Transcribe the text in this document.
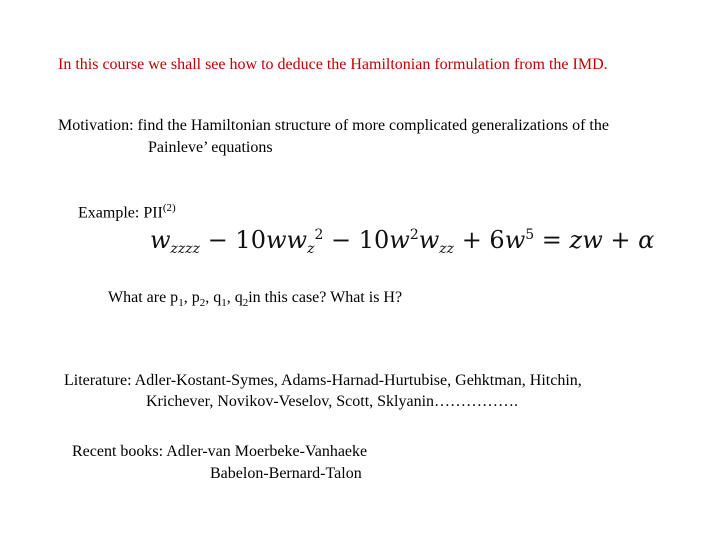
In this course we shall see how to deduce the Hamiltonian formulation from the IMD.
Motivation: find the Hamiltonian structure of more complicated generalizations of the
Painleve’ equations
Example: PII$^{(2)}$
$w_{zzzz} - 10ww_z^2 - 10w^2w_{zz} + 6w^5$ = zw + α
What are $p_1$, $p_2$, $q_1$, $q_2in$ this case? What is H?
Literature: Adler-Kostant-Symes, Adams-Harnad-Hurtubise, Gehktman, Hitchin,
Krichever, Novikov-Veselov, Scott, Sklyanin…………….
Recent books: Adler-van Moerbeke-Vanhaeke
Babelon-Bernard-Talon
